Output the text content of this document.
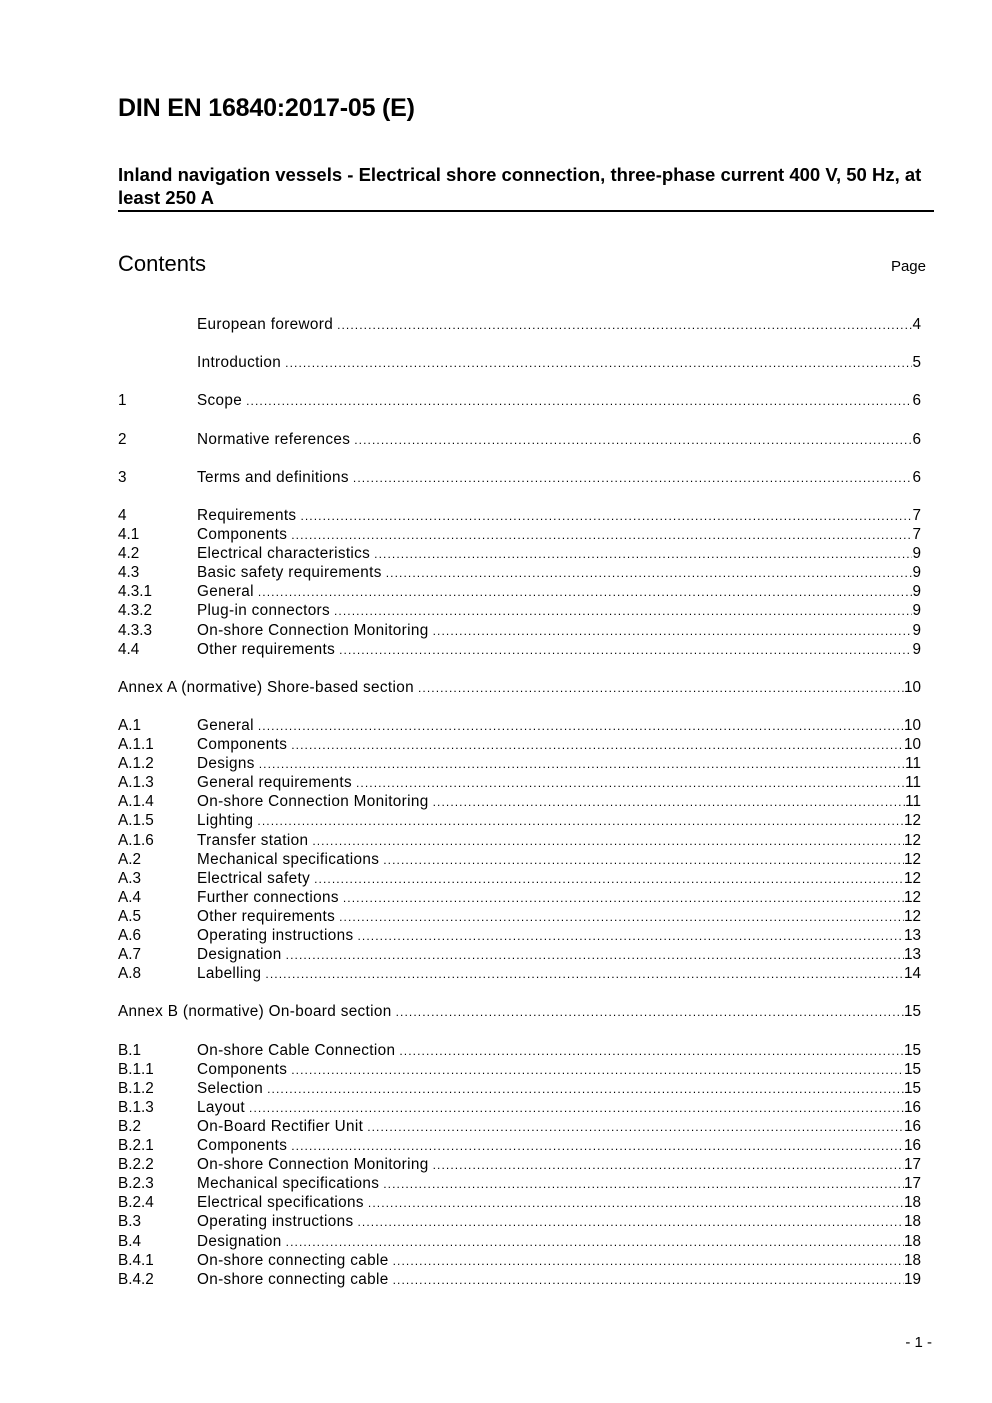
DIN EN 16840:2017-05 (E)
Inland navigation vessels - Electrical shore connection, three-phase current 400 V, 50 Hz, at least 250 A
Contents	Page
European foreword .....	4
Introduction .....	5
1	Scope .....	6
2	Normative references .....	6
3	Terms and definitions .....	6
4	Requirements .....	7
4.1	Components .....	7
4.2	Electrical characteristics .....	9
4.3	Basic safety requirements .....	9
4.3.1	General .....	9
4.3.2	Plug-in connectors .....	9
4.3.3	On-shore Connection Monitoring .....	9
4.4	Other requirements .....	9
Annex A (normative) Shore-based section .....	10
A.1	General .....	10
A.1.1	Components .....	10
A.1.2	Designs .....	11
A.1.3	General requirements .....	11
A.1.4	On-shore Connection Monitoring .....	11
A.1.5	Lighting .....	12
A.1.6	Transfer station .....	12
A.2	Mechanical specifications .....	12
A.3	Electrical safety .....	12
A.4	Further connections .....	12
A.5	Other requirements .....	12
A.6	Operating instructions .....	13
A.7	Designation .....	13
A.8	Labelling .....	14
Annex B (normative) On-board section .....	15
B.1	On-shore Cable Connection .....	15
B.1.1	Components .....	15
B.1.2	Selection .....	15
B.1.3	Layout .....	16
B.2	On-Board Rectifier Unit .....	16
B.2.1	Components .....	16
B.2.2	On-shore Connection Monitoring .....	17
B.2.3	Mechanical specifications .....	17
B.2.4	Electrical specifications .....	18
B.3	Operating instructions .....	18
B.4	Designation .....	18
B.4.1	On-shore connecting cable .....	18
B.4.2	On-shore connecting cable .....	19
- 1 -
